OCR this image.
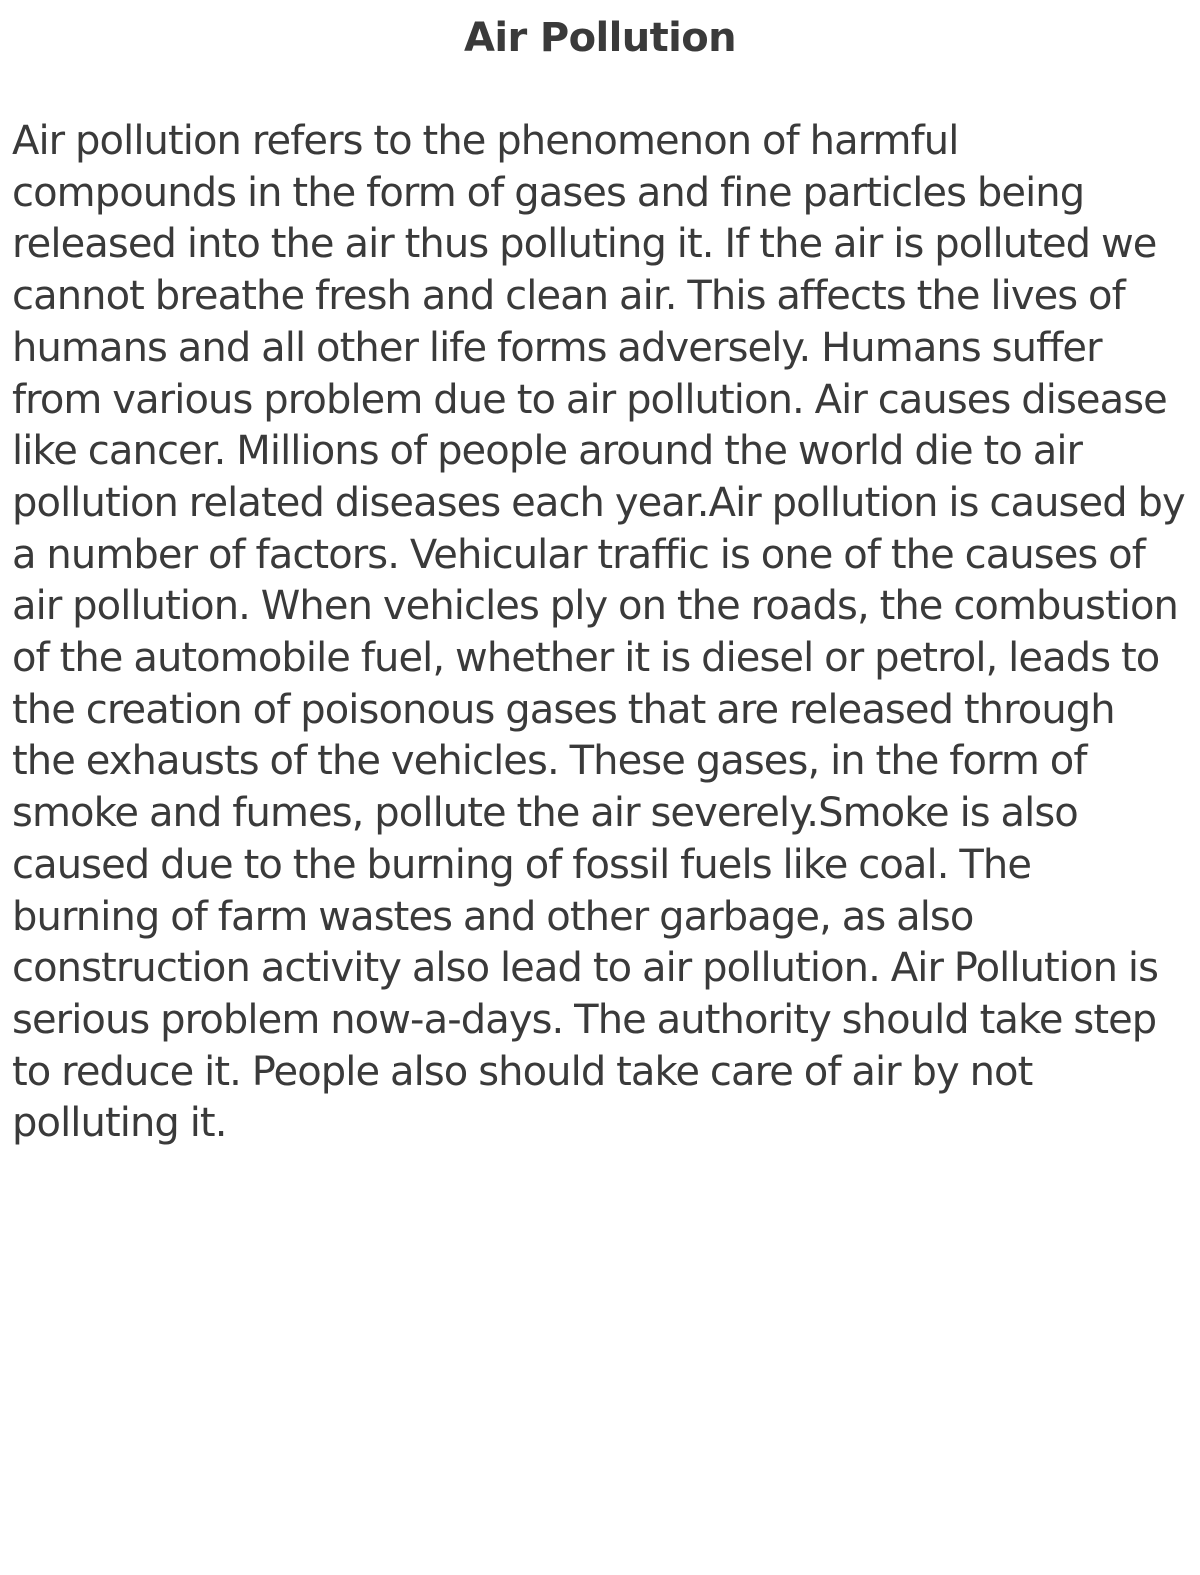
Air Pollution

Air pollution refers to the phenomenon of harmful
compounds in the form of gases and fine particles being
released into the air thus polluting it. If the air is polluted we
cannot breathe fresh and clean air. This affects the lives of
humans and all other life forms adversely. Humans suffer
from various problem due to air pollution. Air causes disease
like cancer. Millions of people around the world die to air
pollution related diseases each year.Air pollution is caused by
a number of factors. Vehicular traffic is one of the causes of
air pollution. When vehicles ply on the roads, the combustion
of the automobile fuel, whether it is diesel or petrol, leads to
the creation of poisonous gases that are released through
the exhausts of the vehicles. These gases, in the form of
smoke and fumes, pollute the air severely.Smoke is also
caused due to the burning of fossil fuels like coal. The
burning of farm wastes and other garbage, as also
construction activity also lead to air pollution. Air Pollution is
serious problem now-a-days. The authority should take step
to reduce it. People also should take care of air by not
polluting it.
